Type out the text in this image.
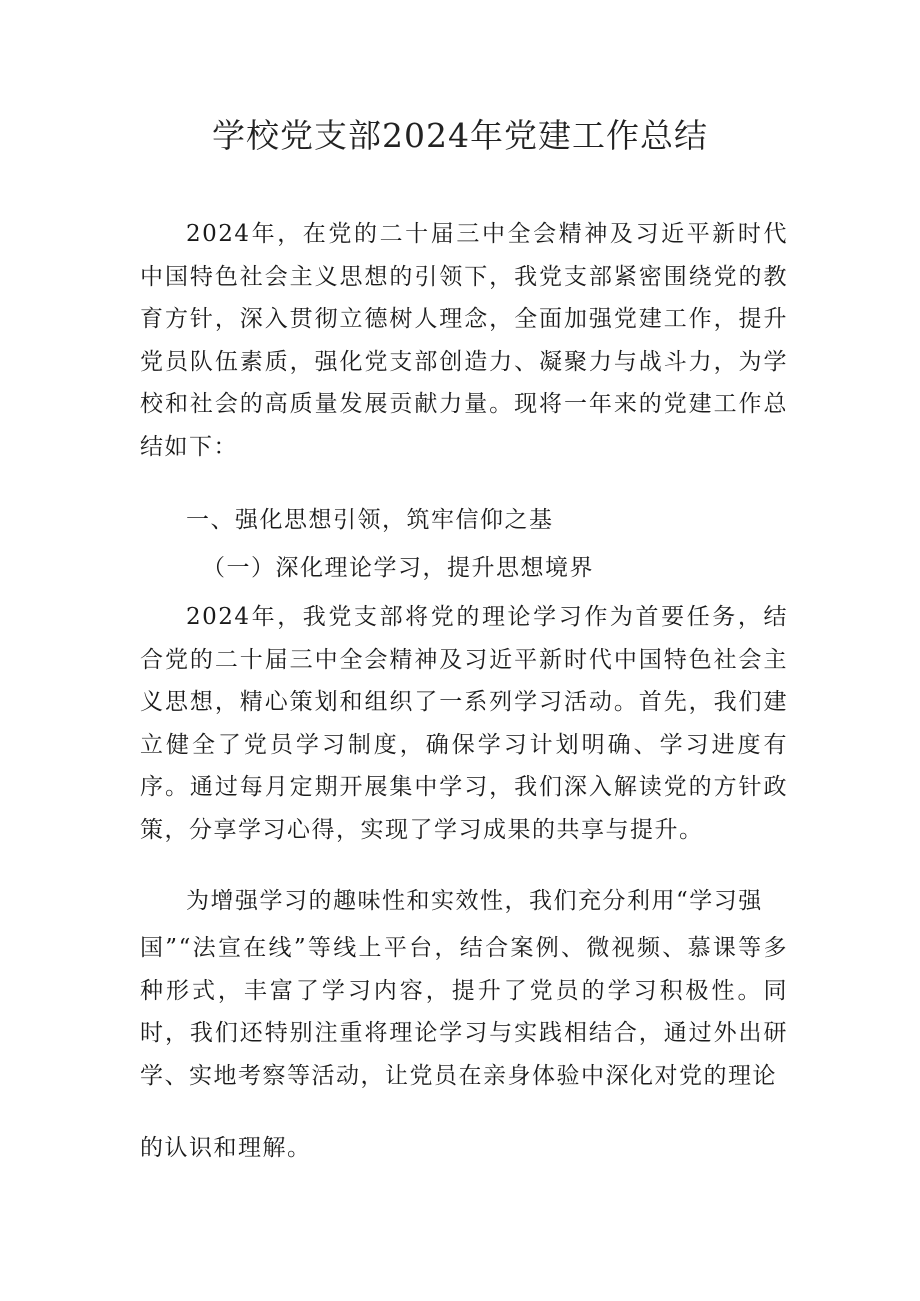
学校党支部2024年党建工作总结

2024年，在党的二十届三中全会精神及习近平新时代中国特色社会主义思想的引领下，我党支部紧密围绕党的教育方针，深入贯彻立德树人理念，全面加强党建工作，提升党员队伍素质，强化党支部创造力、凝聚力与战斗力，为学校和社会的高质量发展贡献力量。现将一年来的党建工作总结如下：

一、强化思想引领，筑牢信仰之基

（一）深化理论学习，提升思想境界

2024年，我党支部将党的理论学习作为首要任务，结合党的二十届三中全会精神及习近平新时代中国特色社会主义思想，精心策划和组织了一系列学习活动。首先，我们建立健全了党员学习制度，确保学习计划明确、学习进度有序。通过每月定期开展集中学习，我们深入解读党的方针政策，分享学习心得，实现了学习成果的共享与提升。

为增强学习的趣味性和实效性，我们充分利用“学习强

国”“法宣在线”等线上平台，结合案例、微视频、慕课等多种形式，丰富了学习内容，提升了党员的学习积极性。同时，我们还特别注重将理论学习与实践相结合，通过外出研学、实地考察等活动，让党员在亲身体验中深化对党的理论

的认识和理解。
